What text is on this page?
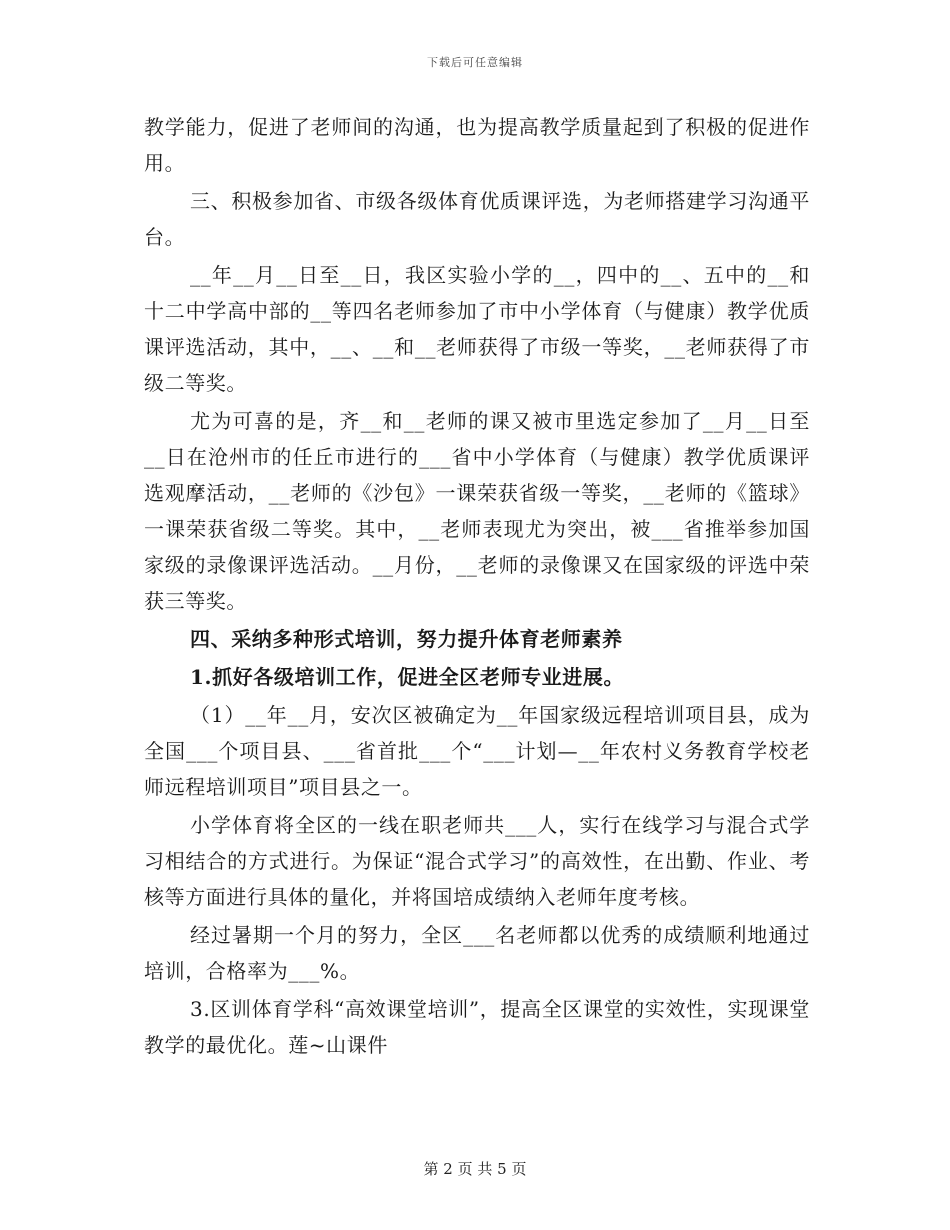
下载后可任意编辑

教学能力，促进了老师间的沟通，也为提高教学质量起到了积极的促进作用。

三、积极参加省、市级各级体育优质课评选，为老师搭建学习沟通平台。

__年__月__日至__日，我区实验小学的__，四中的__、五中的__和十二中学高中部的__等四名老师参加了市中小学体育（与健康）教学优质课评选活动，其中，__、__和__老师获得了市级一等奖，__老师获得了市级二等奖。

尤为可喜的是，齐__和__老师的课又被市里选定参加了__月__日至__日在沧州市的任丘市进行的___省中小学体育（与健康）教学优质课评选观摩活动，__老师的《沙包》一课荣获省级一等奖，__老师的《篮球》一课荣获省级二等奖。其中，__老师表现尤为突出，被___省推举参加国家级的录像课评选活动。__月份，__老师的录像课又在国家级的评选中荣获三等奖。

四、采纳多种形式培训，努力提升体育老师素养

1.抓好各级培训工作，促进全区老师专业进展。

（1）__年__月，安次区被确定为__年国家级远程培训项目县，成为全国___个项目县、___省首批___个“___计划—__年农村义务教育学校老师远程培训项目”项目县之一。

小学体育将全区的一线在职老师共___人，实行在线学习与混合式学习相结合的方式进行。为保证“混合式学习”的高效性，在出勤、作业、考核等方面进行具体的量化，并将国培成绩纳入老师年度考核。

经过暑期一个月的努力，全区___名老师都以优秀的成绩顺利地通过培训，合格率为___%。

3.区训体育学科“高效课堂培训”，提高全区课堂的实效性，实现课堂教学的最优化。莲~山课件

第 2 页 共 5 页
